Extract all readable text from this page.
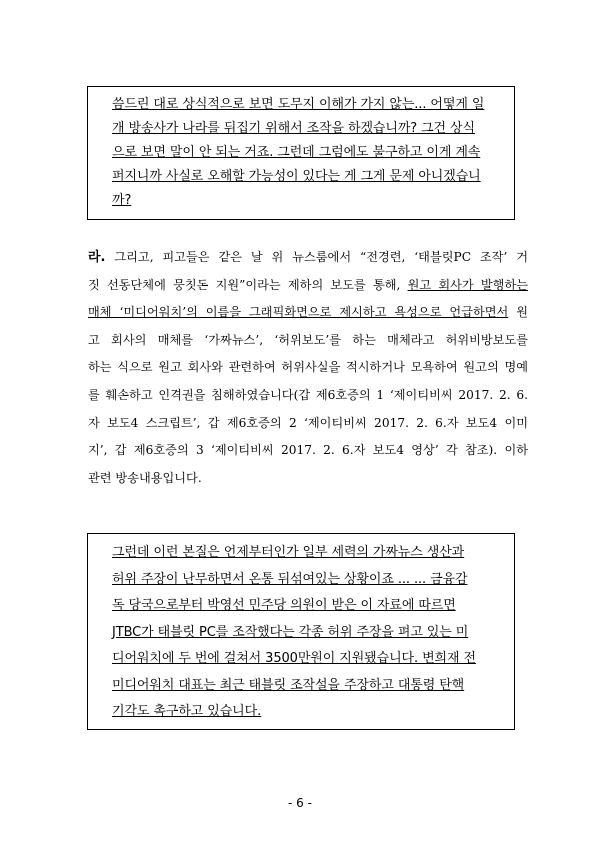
씀드린 대로 상식적으로 보면 도무지 이해가 가지 않는... 어떻게 일
개 방송사가 나라를 뒤집기 위해서 조작을 하겠습니까? 그건 상식
으로 보면 말이 안 되는 거죠. 그런데 그럼에도 불구하고 이게 계속
퍼지니까 사실로 오해할 가능성이 있다는 게 그게 문제 아니겠습니
까?
라. 그리고, 피고들은 같은 날 위 뉴스룸에서 “전경련, ‘태블릿PC 조작’ 거
짓 선동단체에 뭉칫돈 지원”이라는 제하의 보도를 통해, 원고 회사가 발행하는
매체 ‘미디어워치’의 이름을 그래픽화면으로 제시하고 욕성으로 언급하면서 원
고 회사의 매체를 ‘가짜뉴스’, ‘허위보도’를 하는 매체라고 허위비방보도를
하는 식으로 원고 회사와 관련하여 허위사실을 적시하거나 모욕하여 원고의 명예
를 훼손하고 인격권을 침해하였습니다(갑 제6호증의 1 ‘제이티비씨 2017. 2. 6.
자 보도4 스크립트’, 갑 제6호증의 2 ‘제이티비씨 2017. 2. 6.자 보도4 이미
지’, 갑 제6호증의 3 ‘제이티비씨 2017. 2. 6.자 보도4 영상’ 각 참조). 이하
관련 방송내용입니다.
그런데 이런 본질은 언제부터인가 일부 세력의 가짜뉴스 생산과
허위 주장이 난무하면서 온통 뒤섞여있는 상황이죠 ... ... 금융감
독 당국으로부터 박영선 민주당 의원이 받은 이 자료에 따르면
JTBC가 태블릿 PC를 조작했다는 각종 허위 주장을 펴고 있는 미
디어워치에 두 번에 걸쳐서 3500만원이 지원됐습니다. 변희재 전
미디어워치 대표는 최근 태블릿 조작설을 주장하고 대통령 탄핵
기각도 촉구하고 있습니다.
- 6 -
